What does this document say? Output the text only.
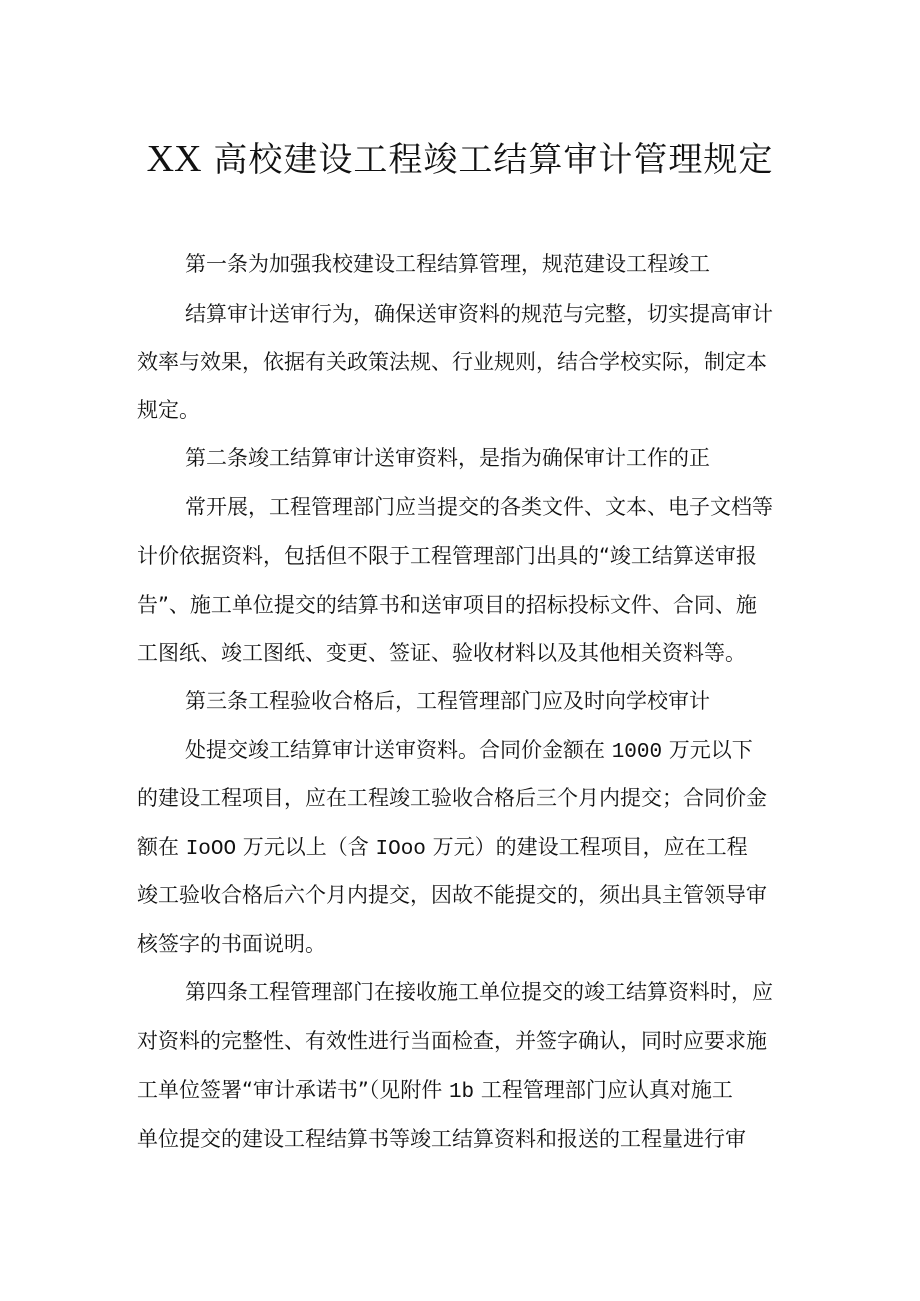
XX 高校建设工程竣工结算审计管理规定

第一条为加强我校建设工程结算管理，规范建设工程竣工

结算审计送审行为，确保送审资料的规范与完整，切实提高审计

效率与效果，依据有关政策法规、行业规则，结合学校实际，制定本

规定。

第二条竣工结算审计送审资料，是指为确保审计工作的正

常开展，工程管理部门应当提交的各类文件、文本、电子文档等

计价依据资料，包括但不限于工程管理部门出具的“竣工结算送审报

告”、施工单位提交的结算书和送审项目的招标投标文件、合同、施

工图纸、竣工图纸、变更、签证、验收材料以及其他相关资料等。

第三条工程验收合格后，工程管理部门应及时向学校审计

处提交竣工结算审计送审资料。合同价金额在 1000 万元以下

的建设工程项目，应在工程竣工验收合格后三个月内提交；合同价金

额在 IoOO 万元以上（含 IOoo 万元）的建设工程项目，应在工程

竣工验收合格后六个月内提交，因故不能提交的，须出具主管领导审

核签字的书面说明。

第四条工程管理部门在接收施工单位提交的竣工结算资料时，应

对资料的完整性、有效性进行当面检查，并签字确认，同时应要求施

工单位签署“审计承诺书”（见附件 1b 工程管理部门应认真对施工

单位提交的建设工程结算书等竣工结算资料和报送的工程量进行审
